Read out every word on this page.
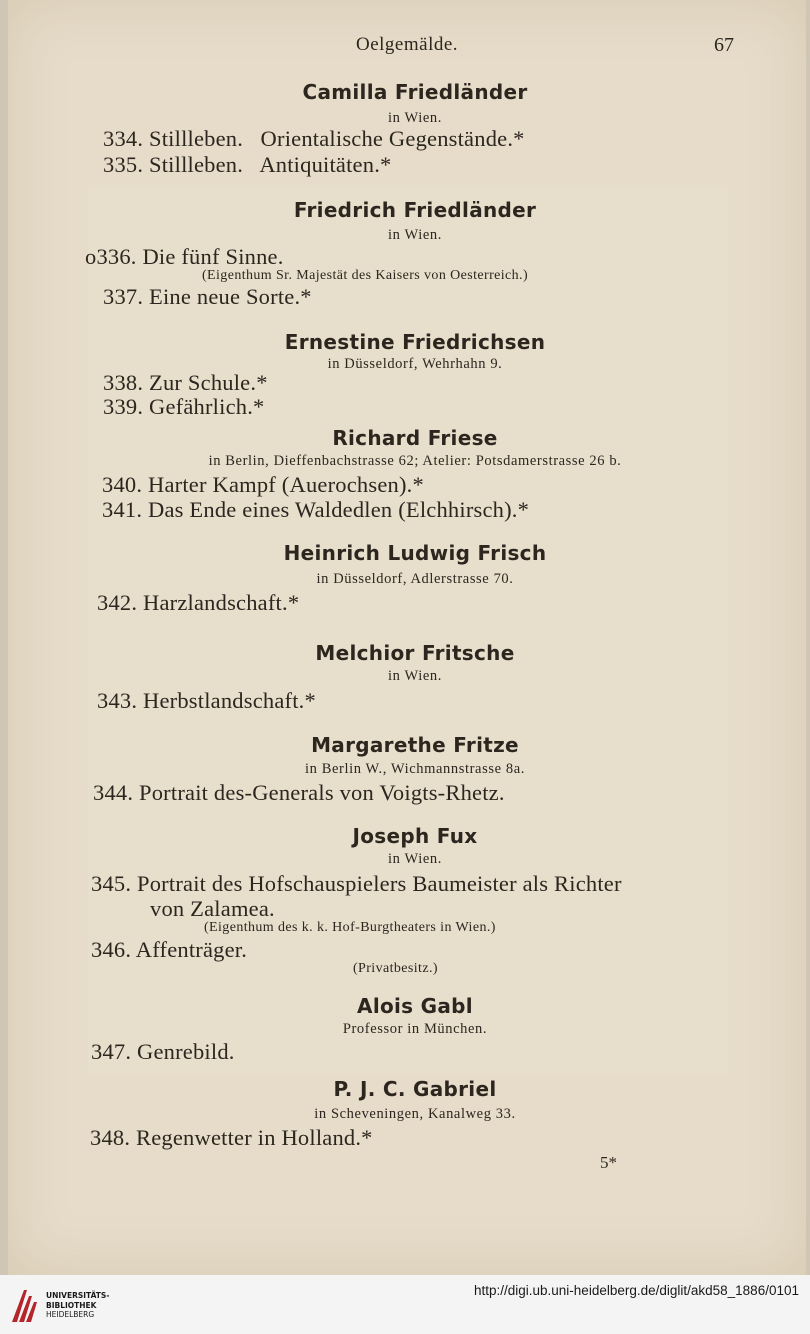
Oelgemälde.	67
Camilla Friedländer
in Wien.
334. Stillleben.   Orientalische Gegenstände.*
335. Stillleben.   Antiquitäten.*
Friedrich Friedländer
in Wien.
o336. Die fünf Sinne.
(Eigenthum Sr. Majestät des Kaisers von Oesterreich.)
337. Eine neue Sorte.*
Ernestine Friedrichsen
in Düsseldorf, Wehrhahn 9.
338. Zur Schule.*
339. Gefährlich.*
Richard Friese
in Berlin, Dieffenbachstrasse 62; Atelier: Potsdamerstrasse 26 b.
340. Harter Kampf (Auerochsen).*
341. Das Ende eines Waldedlen (Elchhirsch).*
Heinrich Ludwig Frisch
in Düsseldorf, Adlerstrasse 70.
342. Harzlandschaft.*
Melchior Fritsche
in Wien.
343. Herbstlandschaft.*
Margarethe Fritze
in Berlin W., Wichmannstrasse 8a.
344. Portrait des-Generals von Voigts-Rhetz.
Joseph Fux
in Wien.
345. Portrait des Hofschauspielers Baumeister als Richter
von Zalamea.
(Eigenthum des k. k. Hof-Burgtheaters in Wien.)
346. Affenträger.
(Privatbesitz.)
Alois Gabl
Professor in München.
347. Genrebild.
P. J. C. Gabriel
in Scheveningen, Kanalweg 33.
348. Regenwetter in Holland.*
5*
UNIVERSITÄTS-
BIBLIOTHEK
HEIDELBERG
http://digi.ub.uni-heidelberg.de/diglit/akd58_1886/0101
